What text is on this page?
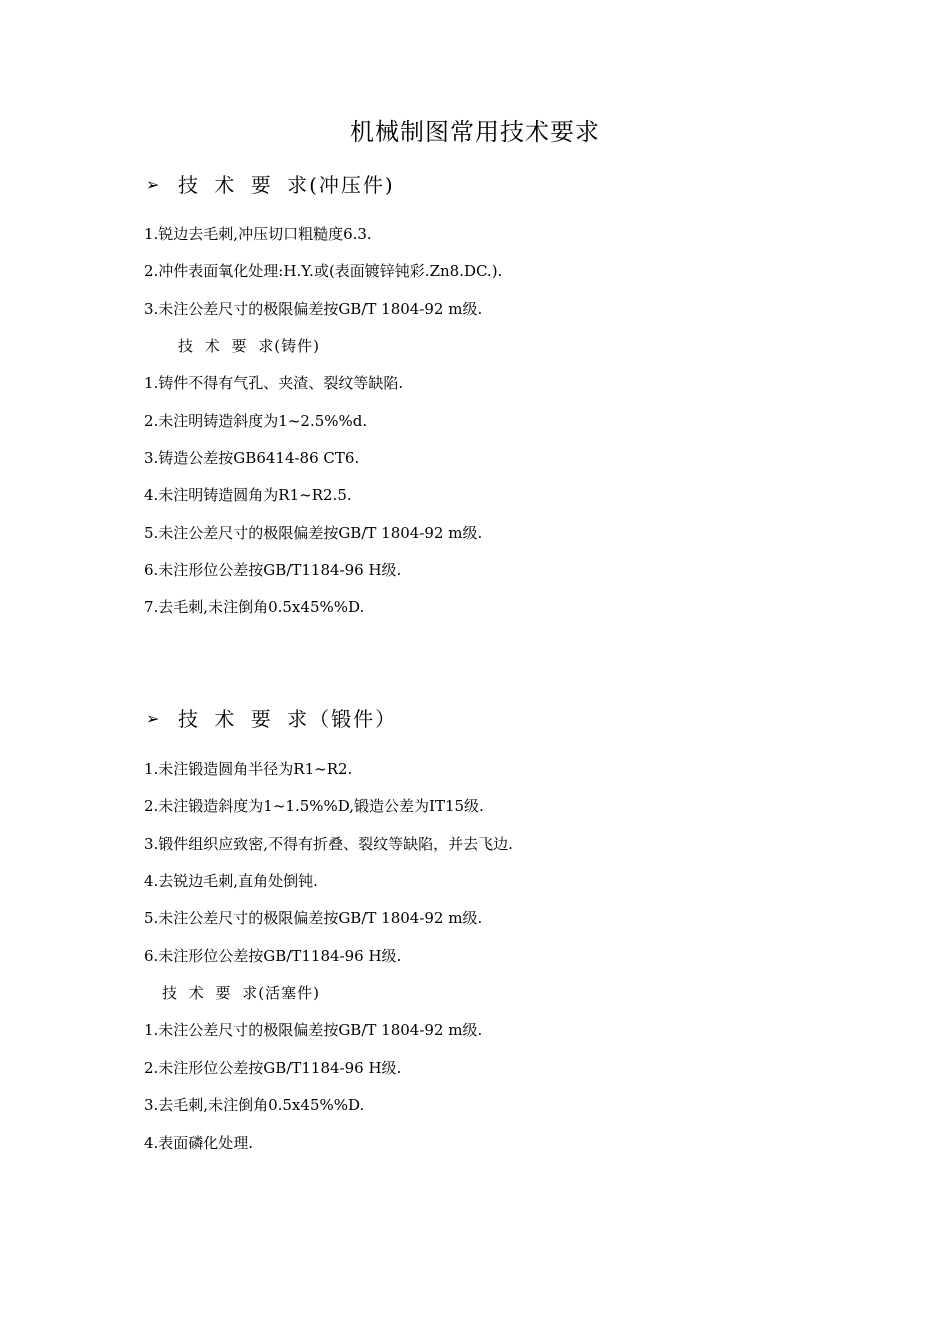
机械制图常用技术要求
➢ 技 术 要 求(冲压件)
1.锐边去毛刺,冲压切口粗糙度6.3.
2.冲件表面氧化处理:H.Y.或(表面镀锌钝彩.Zn8.DC.).
3.未注公差尺寸的极限偏差按GB/T 1804-92 m级.
技 术 要 求(铸件)
1.铸件不得有气孔、夹渣、裂纹等缺陷.
2.未注明铸造斜度为1~2.5%%d.
3.铸造公差按GB6414-86 CT6.
4.未注明铸造圆角为R1~R2.5.
5.未注公差尺寸的极限偏差按GB/T 1804-92 m级.
6.未注形位公差按GB/T1184-96 H级.
7.去毛刺,未注倒角0.5x45%%D.
➢ 技 术 要 求（锻件）
1.未注锻造圆角半径为R1~R2.
2.未注锻造斜度为1~1.5%%D,锻造公差为IT15级.
3.锻件组织应致密,不得有折叠、裂纹等缺陷，并去飞边.
4.去锐边毛刺,直角处倒钝.
5.未注公差尺寸的极限偏差按GB/T 1804-92 m级.
6.未注形位公差按GB/T1184-96 H级.
技 术 要 求(活塞件)
1.未注公差尺寸的极限偏差按GB/T 1804-92 m级.
2.未注形位公差按GB/T1184-96 H级.
3.去毛刺,未注倒角0.5x45%%D.
4.表面磷化处理.
